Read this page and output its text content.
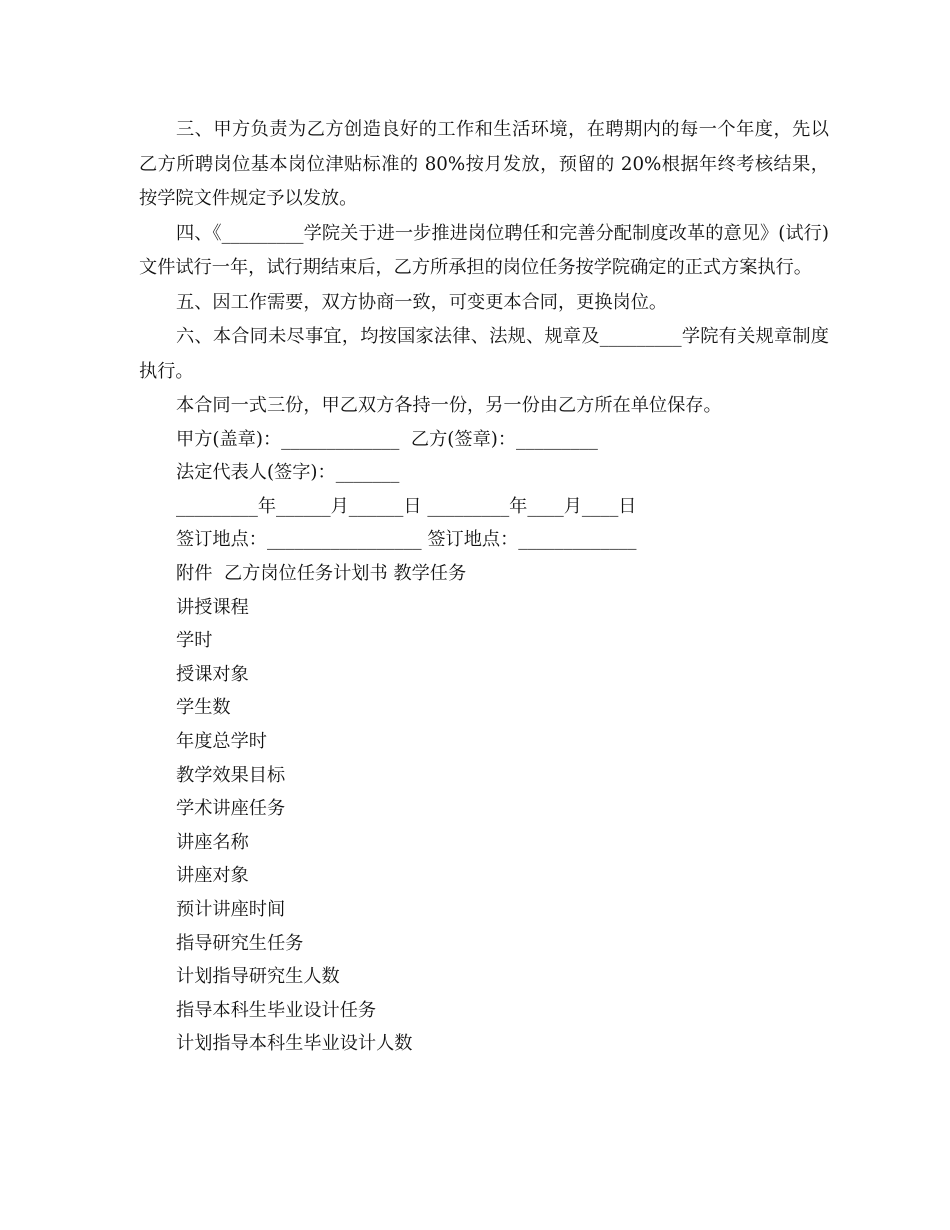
三、甲方负责为乙方创造良好的工作和生活环境，在聘期内的每一个年度，先以乙方所聘岗位基本岗位津贴标准的 80%按月发放，预留的 20%根据年终考核结果，按学院文件规定予以发放。

四、《_________学院关于进一步推进岗位聘任和完善分配制度改革的意见》(试行)文件试行一年，试行期结束后，乙方所承担的岗位任务按学院确定的正式方案执行。

五、因工作需要，双方协商一致，可变更本合同，更换岗位。

六、本合同未尽事宜，均按国家法律、法规、规章及_________学院有关规章制度执行。

本合同一式三份，甲乙双方各持一份，另一份由乙方所在单位保存。

甲方(盖章)：_____________  乙方(签章)：_________

法定代表人(签字)：_______

_________年______月______日 _________年____月____日

签订地点：_________________ 签订地点：_____________

附件  乙方岗位任务计划书 教学任务

讲授课程
学时
授课对象
学生数
年度总学时
教学效果目标
学术讲座任务
讲座名称
讲座对象
预计讲座时间
指导研究生任务
计划指导研究生人数
指导本科生毕业设计任务
计划指导本科生毕业设计人数
